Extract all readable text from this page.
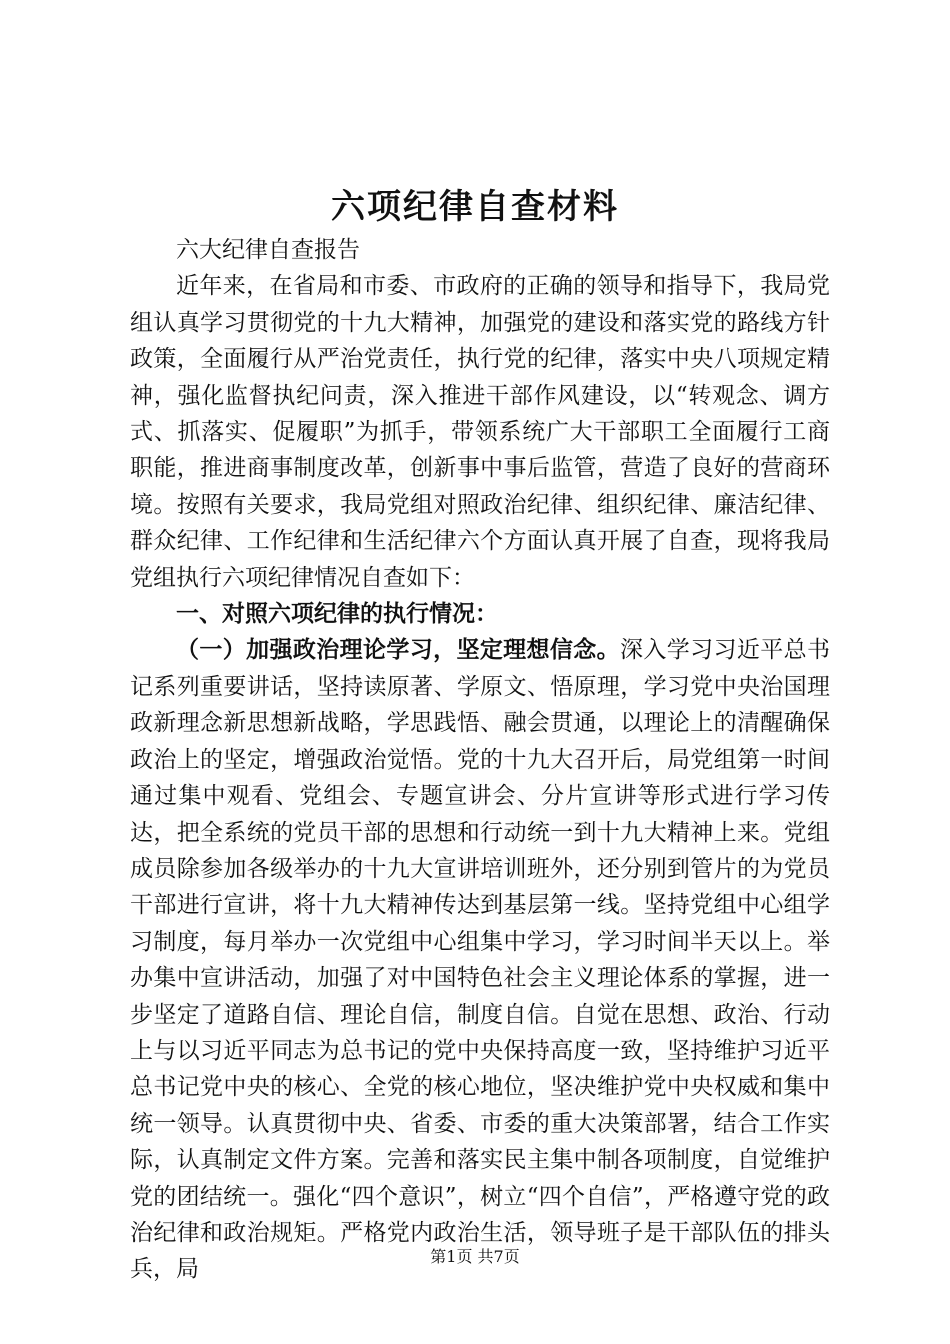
六项纪律自查材料

六大纪律自查报告

近年来，在省局和市委、市政府的正确的领导和指导下，我局党组认真学习贯彻党的十九大精神，加强党的建设和落实党的路线方针政策，全面履行从严治党责任，执行党的纪律，落实中央八项规定精神，强化监督执纪问责，深入推进干部作风建设，以“转观念、调方式、抓落实、促履职”为抓手，带领系统广大干部职工全面履行工商职能，推进商事制度改革，创新事中事后监管，营造了良好的营商环境。按照有关要求，我局党组对照政治纪律、组织纪律、廉洁纪律、群众纪律、工作纪律和生活纪律六个方面认真开展了自查，现将我局党组执行六项纪律情况自查如下：

一、对照六项纪律的执行情况：

（一）加强政治理论学习，坚定理想信念。深入学习习近平总书记系列重要讲话，坚持读原著、学原文、悟原理，学习党中央治国理政新理念新思想新战略，学思践悟、融会贯通，以理论上的清醒确保政治上的坚定，增强政治觉悟。党的十九大召开后，局党组第一时间通过集中观看、党组会、专题宣讲会、分片宣讲等形式进行学习传达，把全系统的党员干部的思想和行动统一到十九大精神上来。党组成员除参加各级举办的十九大宣讲培训班外，还分别到管片的为党员干部进行宣讲，将十九大精神传达到基层第一线。坚持党组中心组学习制度，每月举办一次党组中心组集中学习，学习时间半天以上。举办集中宣讲活动，加强了对中国特色社会主义理论体系的掌握，进一步坚定了道路自信、理论自信，制度自信。自觉在思想、政治、行动上与以习近平同志为总书记的党中央保持高度一致，坚持维护习近平总书记党中央的核心、全党的核心地位，坚决维护党中央权威和集中统一领导。认真贯彻中央、省委、市委的重大决策部署，结合工作实际，认真制定文件方案。完善和落实民主集中制各项制度，自觉维护党的团结统一。强化“四个意识”，树立“四个自信”，严格遵守党的政治纪律和政治规矩。严格党内政治生活，领导班子是干部队伍的排头兵，局	第1页 共7页
